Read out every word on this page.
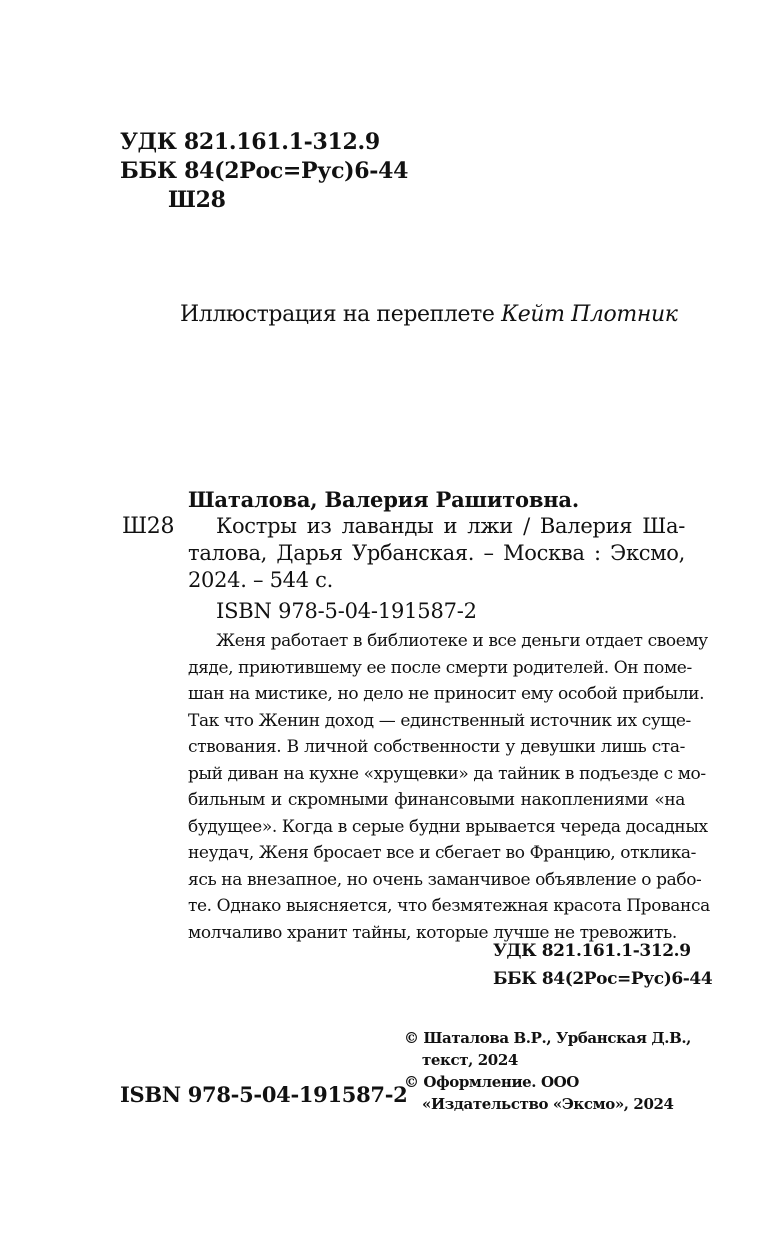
УДК 821.161.1-312.9
ББК 84(2Рос=Рус)6-44
Ш28
Иллюстрация на переплете Кейт Плотник
Шаталова, Валерия Рашитовна.
Ш28	Костры из лаванды и лжи / Валерия Ша-
талова, Дарья Урбанская. – Москва : Эксмо,
2024. – 544 с.
ISBN 978-5-04-191587-2
Женя работает в библиотеке и все деньги отдает своему
дяде, приютившему ее после смерти родителей. Он поме-
шан на мистике, но дело не приносит ему особой прибыли.
Так что Женин доход — единственный источник их суще-
ствования. В личной собственности у девушки лишь ста-
рый диван на кухне «хрущевки» да тайник в подъезде с мо-
бильным и скромными финансовыми накоплениями «на
будущее». Когда в серые будни врывается череда досадных
неудач, Женя бросает все и сбегает во Францию, отклика-
ясь на внезапное, но очень заманчивое объявление о рабо-
те. Однако выясняется, что безмятежная красота Прованса
молчаливо хранит тайны, которые лучше не тревожить.
УДК 821.161.1-312.9
ББК 84(2Рос=Рус)6-44
© Шаталова В.Р., Урбанская Д.В.,
текст, 2024
© Оформление. ООО
«Издательство «Эксмо», 2024
ISBN 978-5-04-191587-2
